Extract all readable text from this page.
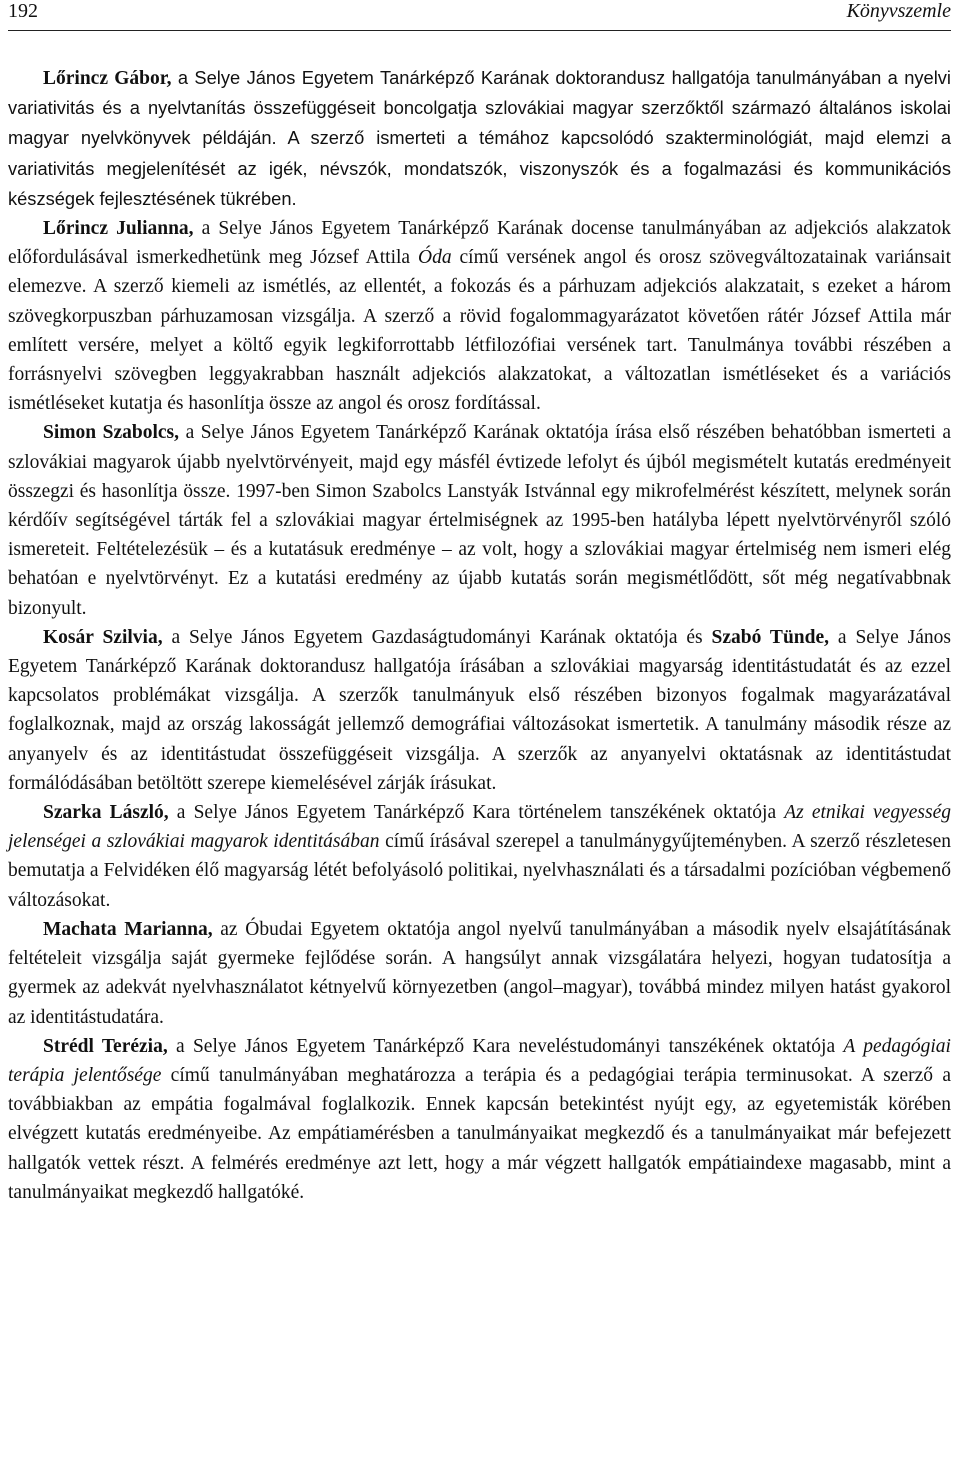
192	Könyvszemle

Lőrincz Gábor, a Selye János Egyetem Tanárképző Karának doktorandusz hallgatója tanulmányában a nyelvi variativitás és a nyelvtanítás összefüggéseit boncolgatja szlovákiai magyar szerzőktől származó általános iskolai magyar nyelvkönyvek példáján. A szerző ismerteti a témához kapcsolódó szakterminológiát, majd elemzi a variativitás megjelenítését az igék, névszók, mondatszók, viszonyszók és a fogalmazási és kommunikációs készségek fejlesztésének tükrében.

Lőrincz Julianna, a Selye János Egyetem Tanárképző Karának docense tanulmányában az adjekciós alakzatok előfordulásával ismerkedhetünk meg József Attila Óda című versének angol és orosz szövegváltozatainak variánsait elemezve. A szerző kiemeli az ismétlés, az ellentét, a fokozás és a párhuzam adjekciós alakzatait, s ezeket a három szövegkorpuszban párhuzamosan vizsgálja. A szerző a rövid fogalommagyarázatot követően rátér József Attila már említett versére, melyet a költő egyik legkiforrottabb létfilozófiai versének tart. Tanulmánya további részében a forrásnyelvi szövegben leggyakrabban használt adjekciós alakzatokat, a változatlan ismétléseket és a variációs ismétléseket kutatja és hasonlítja össze az angol és orosz fordítással.

Simon Szabolcs, a Selye János Egyetem Tanárképző Karának oktatója írása első részében behatóbban ismerteti a szlovákiai magyarok újabb nyelvtörvényeit, majd egy másfél évtizede lefolyt és újból megismételt kutatás eredményeit összegzi és hasonlítja össze. 1997-ben Simon Szabolcs Lanstyák Istvánnal egy mikrofelmérést készített, melynek során kérdőív segítségével tárták fel a szlovákiai magyar értelmiségnek az 1995-ben hatályba lépett nyelvtörvényről szóló ismereteit. Feltételezésük – és a kutatásuk eredménye – az volt, hogy a szlovákiai magyar értelmiség nem ismeri elég behatóan e nyelvtörvényt. Ez a kutatási eredmény az újabb kutatás során megismétlődött, sőt még negatívabbnak bizonyult.

Kosár Szilvia, a Selye János Egyetem Gazdaságtudományi Karának oktatója és Szabó Tünde, a Selye János Egyetem Tanárképző Karának doktorandusz hallgatója írásában a szlovákiai magyarság identitástudatát és az ezzel kapcsolatos problémákat vizsgálja. A szerzők tanulmányuk első részében bizonyos fogalmak magyarázatával foglalkoznak, majd az ország lakosságát jellemző demográfiai változásokat ismertetik. A tanulmány második része az anyanyelv és az identitástudat összefüggéseit vizsgálja. A szerzők az anyanyelvi oktatásnak az identitástudat formálódásában betöltött szerepe kiemelésével zárják írásukat.

Szarka László, a Selye János Egyetem Tanárképző Kara történelem tanszékének oktatója Az etnikai vegyesség jelenségei a szlovákiai magyarok identitásában című írásával szerepel a tanulmánygyűjteményben. A szerző részletesen bemutatja a Felvidéken élő magyarság létét befolyásoló politikai, nyelvhasználati és a társadalmi pozícióban végbemenő változásokat.

Machata Marianna, az Óbudai Egyetem oktatója angol nyelvű tanulmányában a második nyelv elsajátításának feltételeit vizsgálja saját gyermeke fejlődése során. A hangsúlyt annak vizsgálatára helyezi, hogyan tudatosítja a gyermek az adekvát nyelvhasználatot kétnyelvű környezetben (angol–magyar), továbbá mindez milyen hatást gyakorol az identitástudatára.

Strédl Terézia, a Selye János Egyetem Tanárképző Kara neveléstudományi tanszékének oktatója A pedagógiai terápia jelentősége című tanulmányában meghatározza a terápia és a pedagógiai terápia terminusokat. A szerző a továbbiakban az empátia fogalmával foglalkozik. Ennek kapcsán betekintést nyújt egy, az egyetemisták körében elvégzett kutatás eredményeibe. Az empátiamérésben a tanulmányaikat megkezdő és a tanulmányaikat már befejezett hallgatók vettek részt. A felmérés eredménye azt lett, hogy a már végzett hallgatók empátiaindexe magasabb, mint a tanulmányaikat megkezdő hallgatóké.
